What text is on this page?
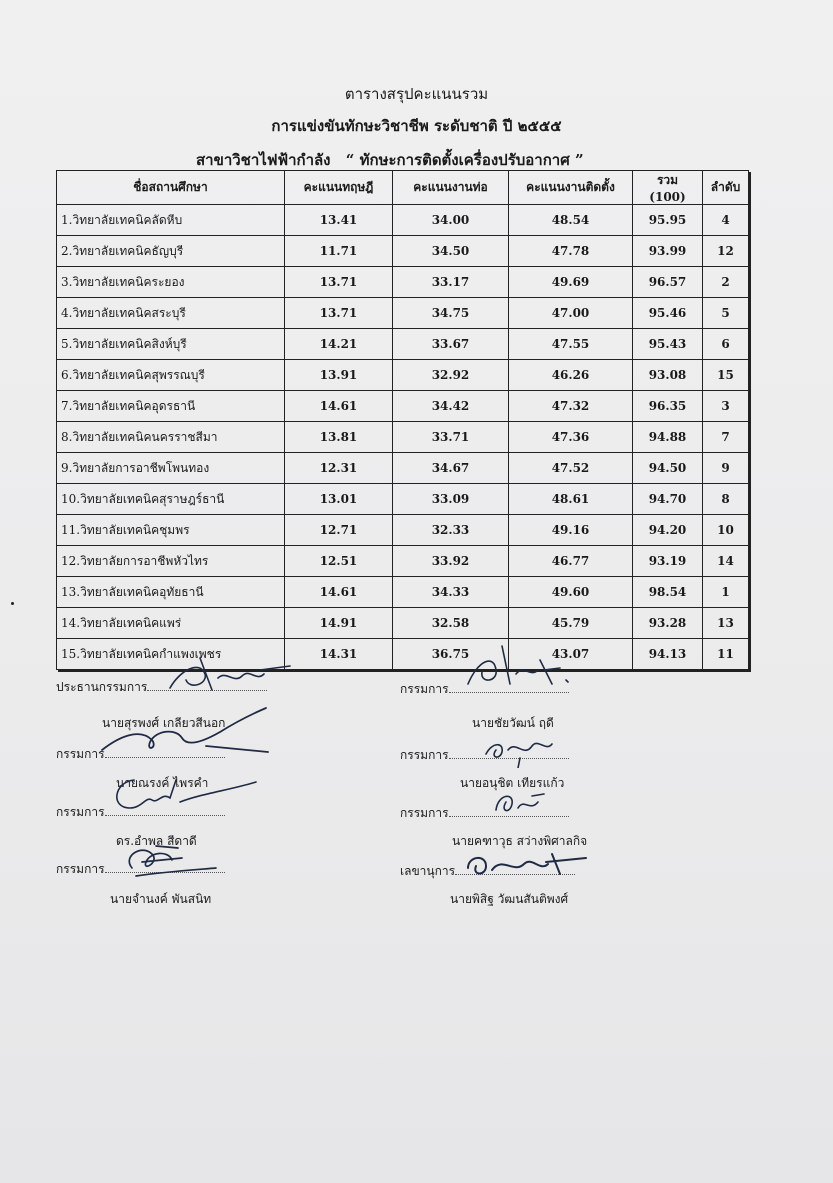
ตารางสรุปคะแนนรวม
การแข่งขันทักษะวิชาชีพ ระดับชาติ ปี ๒๕๕๕
สาขาวิชาไฟฟ้ากำลัง “ ทักษะการติดตั้งเครื่องปรับอากาศ ”
ชื่อสถานศึกษา	คะแนนทฤษฎี	คะแนนงานท่อ	คะแนนงานติดตั้ง	รวม (100)	ลำดับ
1.วิทยาลัยเทคนิคลัดหีบ	13.41	34.00	48.54	95.95	4
2.วิทยาลัยเทคนิคธัญบุรี	11.71	34.50	47.78	93.99	12
3.วิทยาลัยเทคนิคระยอง	13.71	33.17	49.69	96.57	2
4.วิทยาลัยเทคนิคสระบุรี	13.71	34.75	47.00	95.46	5
5.วิทยาลัยเทคนิคสิงห์บุรี	14.21	33.67	47.55	95.43	6
6.วิทยาลัยเทคนิคสุพรรณบุรี	13.91	32.92	46.26	93.08	15
7.วิทยาลัยเทคนิคอุดรธานี	14.61	34.42	47.32	96.35	3
8.วิทยาลัยเทคนิคนครราชสีมา	13.81	33.71	47.36	94.88	7
9.วิทยาลัยการอาชีพโพนทอง	12.31	34.67	47.52	94.50	9
10.วิทยาลัยเทคนิคสุราษฎร์ธานี	13.01	33.09	48.61	94.70	8
11.วิทยาลัยเทคนิคชุมพร	12.71	32.33	49.16	94.20	10
12.วิทยาลัยการอาชีพหัวไทร	12.51	33.92	46.77	93.19	14
13.วิทยาลัยเทคนิคอุทัยธานี	14.61	34.33	49.60	98.54	1
14.วิทยาลัยเทคนิคแพร่	14.91	32.58	45.79	93.28	13
15.วิทยาลัยเทคนิคกำแพงเพชร	14.31	36.75	43.07	94.13	11
ประธานกรรมการ
นายสุรพงศ์ เกลียวสีนอก
กรรมการ
นายณรงค์ ไพรคำ
กรรมการ
ดร.อำพล สีดาดี
กรรมการ
นายจำนงค์ พันสนิท
กรรมการ
นายชัยวัฒน์ ฤดี
กรรมการ
นายอนุชิต เทียรแก้ว
กรรมการ
นายคฑาวุธ สว่างพิศาลกิจ
เลขานุการ
นายพิสิฐ วัฒนสันติพงศ์
